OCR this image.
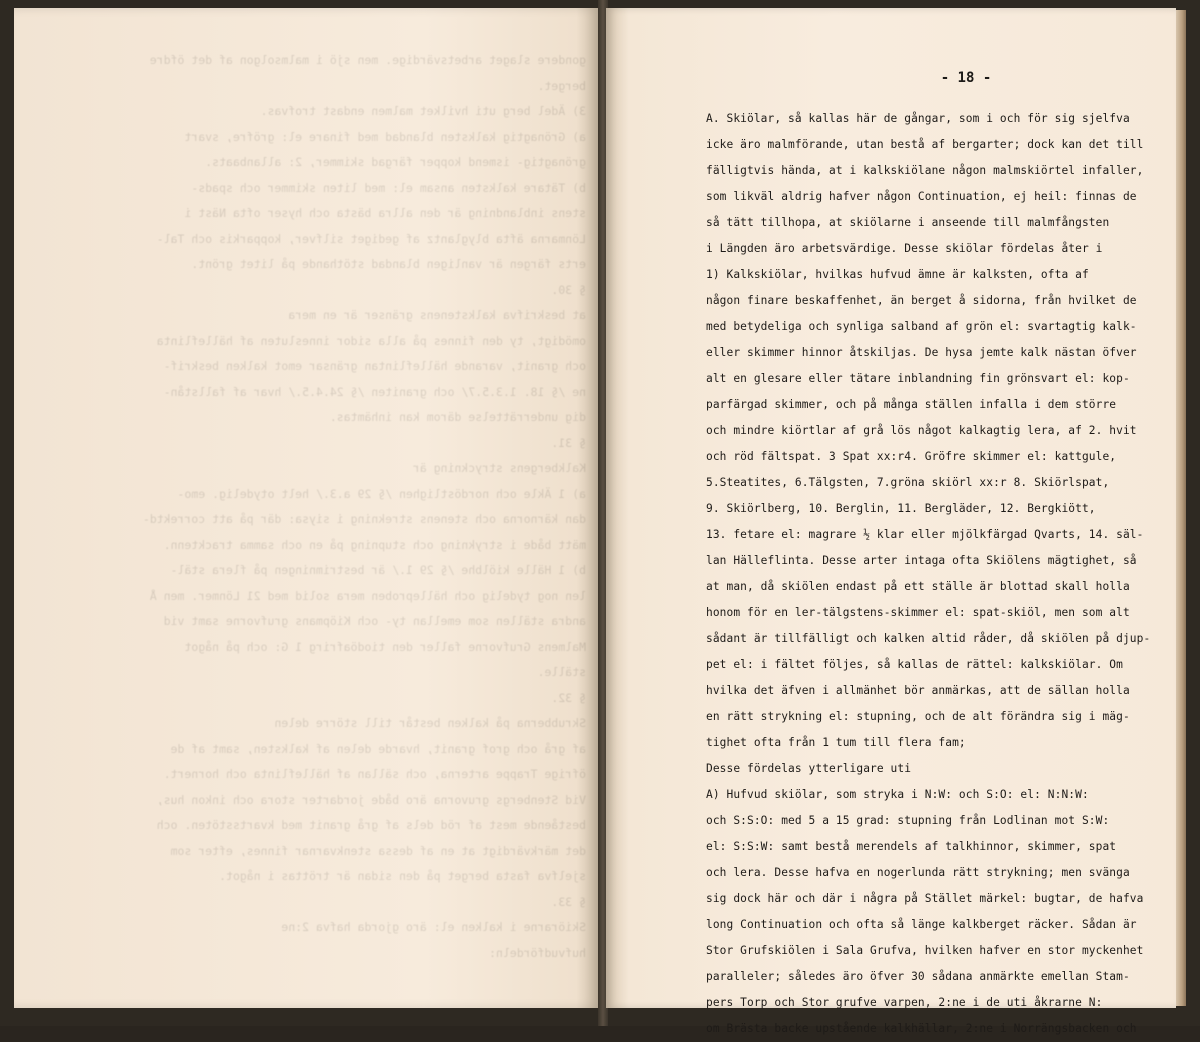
gondere slaget arbetsvärdige. men sjö i malmsolgon af det öfdre
berget.
3) Ädel berg uti hvilket malmen endast trofvas.
a) Grönagtig kalksten blandad med finare el: gröfre, svart
grönagtig- ismend kopper färgad skimmer, 2: allanbaats.
b) Tätare kalksten ansam el: med liten skimmer och spads-
stens inblandning är den allra bästa och hyser ofta Näst i
Lönmarna äfta blyglantz af gediget silfver, kopparkis och Tal-
erts färgen är vanligen blandad stöthande på litet grönt.
§ 30.
at beskrifva kalkstenens gränser är en mera
omödigt, ty den finnes på alla sidor innesluten af hälleflinta
och granit, varande hälleflintan gränsar emot kalken beskrif-
ne /§ 18. 1.3.5.7/ och graniten /§ 24.4.5./ hvar af fallstån-
dig underrättelse därom kan inhämtas.
§ 31.
Kalkbergens stryckning är
a) 1 Äkle och nordöstlighen /§ 29 a.3./ helt otydelig. emo-
dan kärnorna och stenens strekning i siysa: där på att correktd-
mätt både i strykning och stupning på en och samma tracktenn.
b) 1 Hälle kiölbhe /§ 29 1./ är bestrimningen på flera stäl-
len nog tydelig och hälleproben mera solid med 21 Lönmer. men Å
andra ställen som emellan ty- och Kiöpmans grufvorne samt vid
Malmens Grufvorne faller den tiodöafrirg 1 G: och på något
ställe.
§ 32.
Skrubberna på kalken består till större delen
af grå och grof granit, hvarde delen af kalksten, samt af de
öfrige Trappe arterna, och sällan af hälleflinta och hornert.
Vid Stenbergs gruvorna äro både jordarter stora och inkon hus,
bestående mest af röd dels af grå granit med kvartsstöten. och
det märkvärdigt at en af dessa stenkvarnar finnes, efter som
sjelfva fasta berget på den sidan är tröttas i något.
§ 33.
Skiörarne i kalken el: äro gjorda hafva 2:ne
hufvudfördeln:
- 18 -
A. Skiölar, så kallas här de gångar, som i och för sig sjelfva
icke äro malmförande, utan bestå af bergarter; dock kan det till
fälligtvis hända, at i kalkskiölane någon malmskiörtel infaller,
som likväl aldrig hafver någon Continuation, ej heil: finnas de
så tätt tillhopa, at skiölarne i anseende till malmfångsten
i Längden äro arbetsvärdige. Desse skiölar fördelas åter i
1) Kalkskiölar, hvilkas hufvud ämne är kalksten, ofta af
någon finare beskaffenhet, än berget å sidorna, från hvilket de
med betydeliga och synliga salband af grön el: svartagtig kalk-
eller skimmer hinnor åtskiljas. De hysa jemte kalk nästan öfver
alt en glesare eller tätare inblandning fin grönsvart el: kop-
parfärgad skimmer, och på många ställen infalla i dem större
och mindre kiörtlar af grå lös något kalkagtig lera, af 2. hvit
och röd fältspat. 3 Spat xx:r4. Gröfre skimmer el: kattgule,
5.Steatites, 6.Tälgsten, 7.gröna skiörl xx:r 8. Skiörlspat,
9. Skiörlberg, 10. Berglin, 11. Bergläder, 12. Bergkiött,
13. fetare el: magrare ½ klar eller mjölkfärgad Qvarts, 14. säl-
lan Hälleflinta. Desse arter intaga ofta Skiölens mägtighet, så
at man, då skiölen endast på ett ställe är blottad skall holla
honom för en ler-tälgstens-skimmer el: spat-skiöl, men som alt
sådant är tillfälligt och kalken altid råder, då skiölen på djup-
pet el: i fältet följes, så kallas de rättel: kalkskiölar. Om
hvilka det äfven i allmänhet bör anmärkas, att de sällan holla
en rätt strykning el: stupning, och de alt förändra sig i mäg-
tighet ofta från 1 tum till flera fam;
Desse fördelas ytterligare uti
A) Hufvud skiölar, som stryka i N:W: och S:O: el: N:N:W:
och S:S:O: med 5 a 15 grad: stupning från Lodlinan mot S:W:
el: S:S:W: samt bestå merendels af talkhinnor, skimmer, spat
och lera. Desse hafva en nogerlunda rätt strykning; men svänga
sig dock här och där i några på Stället märkel: bugtar, de hafva
long Continuation och ofta så länge kalkberget räcker. Sådan är
Stor Grufskiölen i Sala Grufva, hvilken hafver en stor myckenhet
paralleler; således äro öfver 30 sådana anmärkte emellan Stam-
pers Torp och Stor grufve varpen, 2:ne i de uti åkrarne N:
om Brästa backe upstående kalkhällar, 2:ne i Norrängsbacken och
